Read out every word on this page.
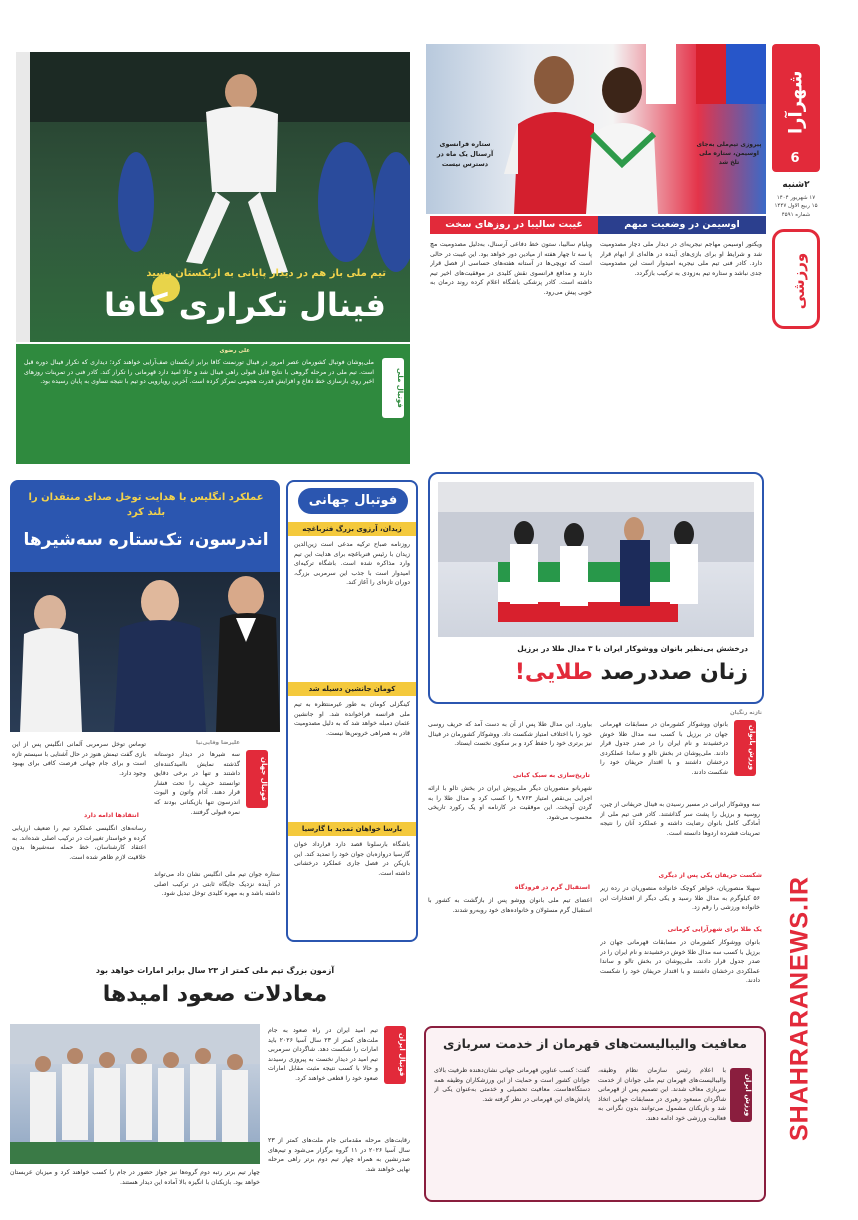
شهرآرا
6
۲شنبه
۱۷ شهریور ۱۴۰۴
۱۵ ربیع الاول ۱۴۴۷
شماره ۴۵۹۱
ورزشی
SHAHRARANEWS.IR
ستاره فرانسوی آرسنال یک ماه در دسترس نیست
پیروزی تیم‌ملی به‌جای اوسیمن، ستاره ملی تلخ شد
غیبت سالیبا در روزهای سخت	اوسیمن در وضعیت مبهم
ویلیام سالیبا، ستون خط دفاعی آرسنال، به‌دلیل مصدومیت مچ پا سه تا چهار هفته از میادین دور خواهد بود. این غیبت در حالی است که توپچی‌ها در آستانه هفته‌های حساسی از فصل قرار دارند و مدافع فرانسوی نقش کلیدی در موفقیت‌های اخیر تیم داشته است. کادر پزشکی باشگاه اعلام کرده روند درمان به خوبی پیش می‌رود.
ویکتور اوسیمن مهاجم نیجریه‌ای در دیدار ملی دچار مصدومیت شد و شرایط او برای بازی‌های آینده در هاله‌ای از ابهام قرار دارد. کادر فنی تیم ملی نیجریه امیدوار است این مصدومیت جدی نباشد و ستاره تیم به‌زودی به ترکیب بازگردد.
تیم ملی باز هم در دیدار پایانی به ازبکستان رسید
فینال تکراری کافا
علی رضوی
ملی‌پوشان فوتبال کشورمان عصر امروز در فینال تورنمنت کافا برابر ازبکستان صف‌آرایی خواهند کرد؛ دیداری که تکرار فینال دوره قبل است. تیم ملی در مرحله گروهی با نتایج قابل قبولی راهی فینال شد و حالا امید دارد قهرمانی را تکرار کند. کادر فنی در تمرینات روزهای اخیر روی بازسازی خط دفاع و افزایش قدرت هجومی تمرکز کرده است. آخرین رویارویی دو تیم با نتیجه تساوی به پایان رسیده بود.	فوتبال ملی
درخشش بی‌نظیر بانوان ووشوکار ایران با ۳ مدال طلا در برزیل
زنان صددرصد طلایی!
نازنه رنگیان
ورزش بانوان
بانوان ووشوکار کشورمان در مسابقات قهرمانی جهان در برزیل با کسب سه مدال طلا خوش درخشیدند و نام ایران را در صدر جدول قرار دادند. ملی‌پوشان در بخش تالو و ساندا عملکردی درخشان داشتند و با اقتدار حریفان خود را شکست دادند.
سه ووشوکار ایرانی در مسیر رسیدن به فینال حریفانی از چین، روسیه و برزیل را پشت سر گذاشتند. کادر فنی تیم ملی از آمادگی کامل بانوان رضایت داشته و عملکرد آنان را نتیجه تمرینات فشرده اردوها دانسته است.
شکست حریفان یکی پس از دیگری
سهیلا منصوریان، خواهر کوچک خانواده منصوریان در رده زیر ۵۶ کیلوگرم به مدال طلا رسید و یکی دیگر از افتخارات این خانواده ورزشی را رقم زد.
یک طلا برای شهرآرایی کرمانی
بانوان ووشوکار کشورمان در مسابقات قهرمانی جهان در برزیل با کسب سه مدال طلا خوش درخشیدند و نام ایران را در صدر جدول قرار دادند. ملی‌پوشان در بخش تالو و ساندا عملکردی درخشان داشتند و با اقتدار حریفان خود را شکست دادند.
بیاورد. این مدال طلا پس از آن به دست آمد که حریف روسی خود را با اختلاف امتیاز شکست داد. ووشوکار کشورمان در فینال نیز برتری خود را حفظ کرد و بر سکوی نخست ایستاد.
تاریخ‌سازی به سبک کیانی
شهربانو منصوریان دیگر ملی‌پوش ایران در بخش تالو با ارائه اجرایی بی‌نقص امتیاز ۹.۷۶۳ را کسب کرد و مدال طلا را به گردن آویخت. این موفقیت در کارنامه او یک رکورد تاریخی محسوب می‌شود.
استقبال گرم در فرودگاه
اعضای تیم ملی بانوان ووشو پس از بازگشت به کشور با استقبال گرم مسئولان و خانواده‌های خود روبه‌رو شدند.
عملکرد انگلیس با هدایت توخل صدای منتقدان را بلند کرد
اندرسون، تک‌ستاره سه‌شیرها
علیرضا وفایی‌نیا
فوتبال جهان
سه شیرها در دیدار دوستانه گذشته نمایش ناامیدکننده‌ای داشتند و تنها در برخی دقایق توانستند حریف را تحت فشار قرار دهند. آدام واتون و الیوت اندرسون تنها بازیکنانی بودند که نمره قبولی گرفتند.
توماس توخل سرمربی آلمانی انگلیس پس از این بازی گفت تیمش هنوز در حال آشنایی با سیستم تازه است و برای جام جهانی فرصت کافی برای بهبود وجود دارد.
انتقادها ادامه دارد
رسانه‌های انگلیسی عملکرد تیم را ضعیف ارزیابی کرده و خواستار تغییرات در ترکیب اصلی شده‌اند. به اعتقاد کارشناسان، خط حمله سه‌شیرها بدون خلاقیت لازم ظاهر شده است.
ستاره جوان تیم ملی انگلیس نشان داد می‌تواند در آینده نزدیک جایگاه ثابتی در ترکیب اصلی داشته باشد و به مهره کلیدی توخل تبدیل شود.
فوتبال جهانی
زیدان، آرزوی بزرگ فنرباغچه
روزنامه صباح ترکیه مدعی است زین‌الدین زیدان با رئیس فنرباغچه برای هدایت این تیم وارد مذاکره شده است. باشگاه ترکیه‌ای امیدوار است با جذب این سرمربی بزرگ، دوران تازه‌ای را آغاز کند.
کومان جانشین دسیله شد
کینگزلی کومان به طور غیرمنتظره به تیم ملی فرانسه فراخوانده شد. او جانشین عثمان دمبله خواهد شد که به دلیل مصدومیت قادر به همراهی خروس‌ها نیست.
بارسا خواهان تمدید با گارسیا
باشگاه بارسلونا قصد دارد قرارداد خوان گارسیا دروازه‌بان جوان خود را تمدید کند. این بازیکن در فصل جاری عملکرد درخشانی داشته است.
آزمون بزرگ تیم ملی کمتر از ۲۳ سال برابر امارات خواهد بود
معادلات صعود امیدها
فوتبال ایران
تیم امید ایران در راه صعود به جام ملت‌های کمتر از ۲۳ سال آسیا ۲۰۲۶ باید امارات را شکست دهد. شاگردان سرمربی تیم امید در دیدار نخست به پیروزی رسیدند و حالا با کسب نتیجه مثبت مقابل امارات صعود خود را قطعی خواهند کرد.
رقابت‌های مرحله مقدماتی جام ملت‌های کمتر از ۲۳ سال آسیا ۲۰۲۶ در ۱۱ گروه برگزار می‌شود و تیم‌های صدرنشین به همراه چهار تیم دوم برتر راهی مرحله نهایی خواهند شد.
چهار تیم برتر رتبه دوم گروه‌ها نیز جواز حضور در جام را کسب خواهند کرد و میزبان عربستان خواهد بود. بازیکنان با انگیزه بالا آماده این دیدار هستند.
معافیت والیبالیست‌های قهرمان از خدمت سربازی
ورزش ایران
با اعلام رئیس سازمان نظام وظیفه، والیبالیست‌های قهرمان تیم ملی جوانان از خدمت سربازی معاف شدند. این تصمیم پس از قهرمانی شاگردان مسعود رهبری در مسابقات جهانی اتخاذ شد و بازیکنان مشمول می‌توانند بدون نگرانی به فعالیت ورزشی خود ادامه دهند.
گفت: کسب عناوین قهرمانی جهانی نشان‌دهنده ظرفیت بالای جوانان کشور است و حمایت از این ورزشکاران وظیفه همه دستگاه‌هاست. معافیت تحصیلی و خدمتی به‌عنوان یکی از پاداش‌های این قهرمانی در نظر گرفته شد.
